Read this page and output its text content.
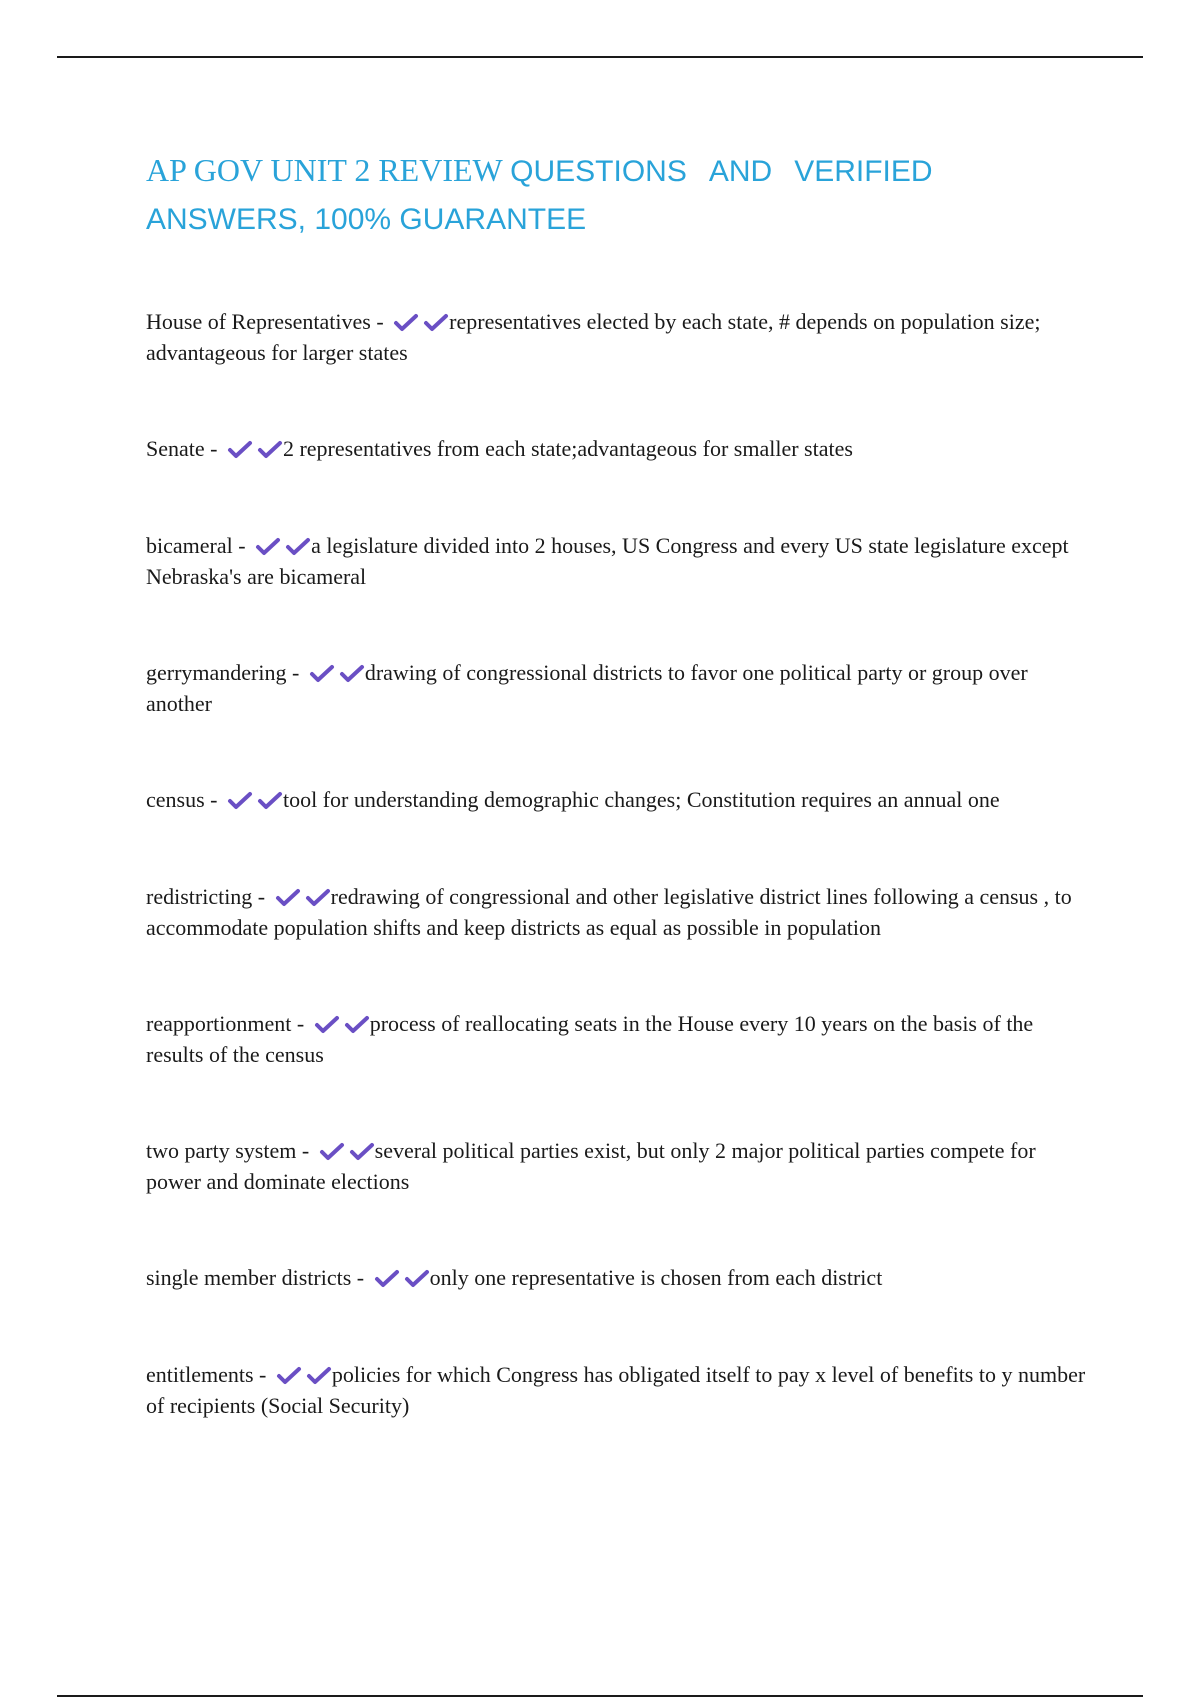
AP GOV UNIT 2 REVIEW QUESTIONS AND VERIFIED
ANSWERS, 100% GUARANTEE

House of Representatives -	representatives elected by each state, # depends on population size; advantageous for larger states

Senate -	2 representatives from each state;advantageous for smaller states

bicameral -	a legislature divided into 2 houses, US Congress and every US state legislature except Nebraska's are bicameral

gerrymandering -	drawing of congressional districts to favor one political party or group over another

census -	tool for understanding demographic changes; Constitution requires an annual one

redistricting -	redrawing of congressional and other legislative district lines following a census , to accommodate population shifts and keep districts as equal as possible in population

reapportionment -	process of reallocating seats in the House every 10 years on the basis of the results of the census

two party system -	several political parties exist, but only 2 major political parties compete for power and dominate elections

single member districts -	only one representative is chosen from each district

entitlements -	policies for which Congress has obligated itself to pay x level of benefits to y number of recipients (Social Security)
